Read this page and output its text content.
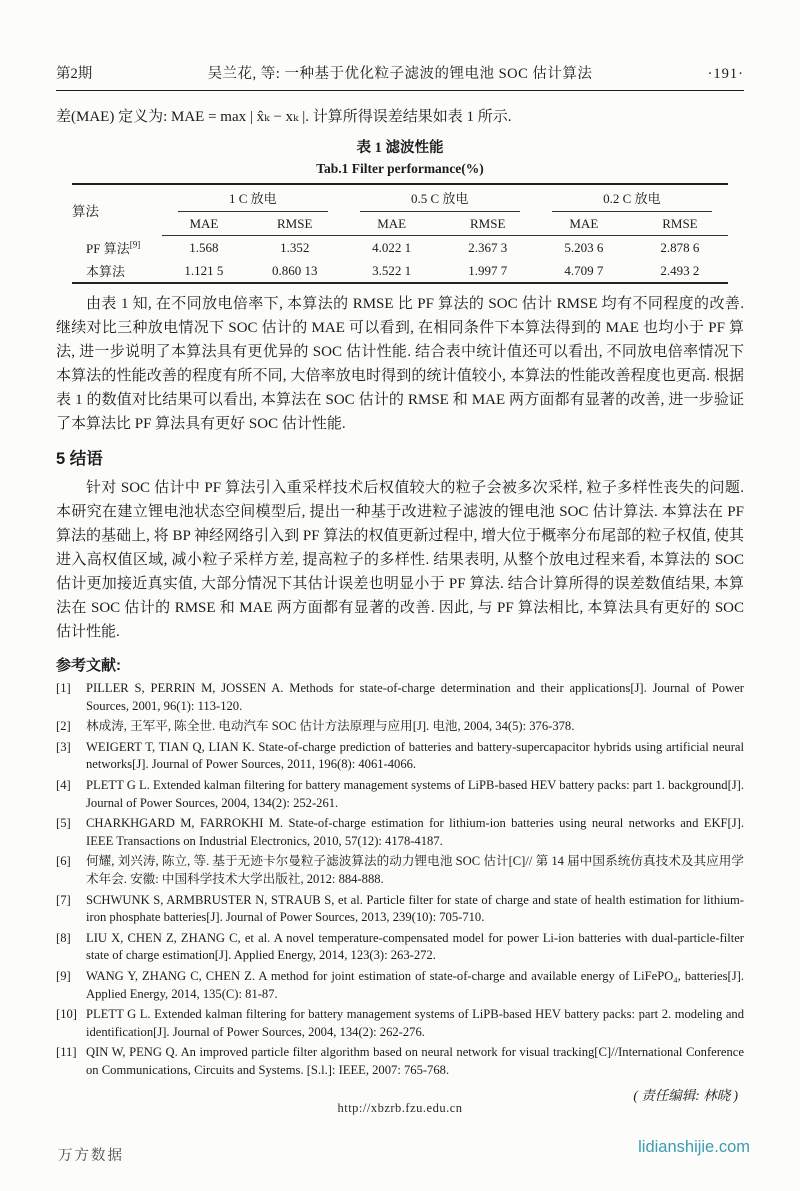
第2期	吴兰花, 等: 一种基于优化粒子滤波的锂电池 SOC 估计算法	·191·
差(MAE) 定义为: MAE = max | x̂ₖ − xₖ |. 计算所得误差结果如表 1 所示.
表 1 滤波性能
Tab.1 Filter performance(%)
算法	1 C 放电		0.5 C 放电		0.2 C 放电	

	MAE	RMSE	MAE	RMSE	MAE	RMSE
PF 算法[9]	1.568	1.352	4.022 1	2.367 3	5.203 6	2.878 6
本算法	1.121 5	0.860 13	3.522 1	1.997 7	4.709 7	2.493 2
由表 1 知, 在不同放电倍率下, 本算法的 RMSE 比 PF 算法的 SOC 估计 RMSE 均有不同程度的改善. 继续对比三种放电情况下 SOC 估计的 MAE 可以看到, 在相同条件下本算法得到的 MAE 也均小于 PF 算法, 进一步说明了本算法具有更优异的 SOC 估计性能. 结合表中统计值还可以看出, 不同放电倍率情况下本算法的性能改善的程度有所不同, 大倍率放电时得到的统计值较小, 本算法的性能改善程度也更高. 根据表 1 的数值对比结果可以看出, 本算法在 SOC 估计的 RMSE 和 MAE 两方面都有显著的改善, 进一步验证了本算法比 PF 算法具有更好 SOC 估计性能.
5 结语
针对 SOC 估计中 PF 算法引入重采样技术后权值较大的粒子会被多次采样, 粒子多样性丧失的问题. 本研究在建立锂电池状态空间模型后, 提出一种基于改进粒子滤波的锂电池 SOC 估计算法. 本算法在 PF 算法的基础上, 将 BP 神经网络引入到 PF 算法的权值更新过程中, 增大位于概率分布尾部的粒子权值, 使其进入高权值区域, 减小粒子采样方差, 提高粒子的多样性. 结果表明, 从整个放电过程来看, 本算法的 SOC 估计更加接近真实值, 大部分情况下其估计误差也明显小于 PF 算法. 结合计算所得的误差数值结果, 本算法在 SOC 估计的 RMSE 和 MAE 两方面都有显著的改善. 因此, 与 PF 算法相比, 本算法具有更好的 SOC 估计性能.
参考文献:
[1] PILLER S, PERRIN M, JOSSEN A. Methods for state-of-charge determination and their applications[J]. Journal of Power Sources, 2001, 96(1): 113-120.
[2] 林成涛, 王军平, 陈全世. 电动汽车 SOC 估计方法原理与应用[J]. 电池, 2004, 34(5): 376-378.
[3] WEIGERT T, TIAN Q, LIAN K. State-of-charge prediction of batteries and battery-supercapacitor hybrids using artificial neural networks[J]. Journal of Power Sources, 2011, 196(8): 4061-4066.
[4] PLETT G L. Extended kalman filtering for battery management systems of LiPB-based HEV battery packs: part 1. background[J]. Journal of Power Sources, 2004, 134(2): 252-261.
[5] CHARKHGARD M, FARROKHI M. State-of-charge estimation for lithium-ion batteries using neural networks and EKF[J]. IEEE Transactions on Industrial Electronics, 2010, 57(12): 4178-4187.
[6] 何耀, 刘兴涛, 陈立, 等. 基于无迹卡尔曼粒子滤波算法的动力锂电池 SOC 估计[C]// 第 14 届中国系统仿真技术及其应用学术年会. 安徽: 中国科学技术大学出版社, 2012: 884-888.
[7] SCHWUNK S, ARMBRUSTER N, STRAUB S, et al. Particle filter for state of charge and state of health estimation for lithium-iron phosphate batteries[J]. Journal of Power Sources, 2013, 239(10): 705-710.
[8] LIU X, CHEN Z, ZHANG C, et al. A novel temperature-compensated model for power Li-ion batteries with dual-particle-filter state of charge estimation[J]. Applied Energy, 2014, 123(3): 263-272.
[9] WANG Y, ZHANG C, CHEN Z. A method for joint estimation of state-of-charge and available energy of LiFePO₄, batteries[J]. Applied Energy, 2014, 135(C): 81-87.
[10] PLETT G L. Extended kalman filtering for battery management systems of LiPB-based HEV battery packs: part 2. modeling and identification[J]. Journal of Power Sources, 2004, 134(2): 262-276.
[11] QIN W, PENG Q. An improved particle filter algorithm based on neural network for visual tracking[C]//International Conference on Communications, Circuits and Systems. [S.l.]: IEEE, 2007: 765-768.
( 责任编辑: 林晓 )
http://xbzrb.fzu.edu.cn
万方数据	lidianshijie.com
